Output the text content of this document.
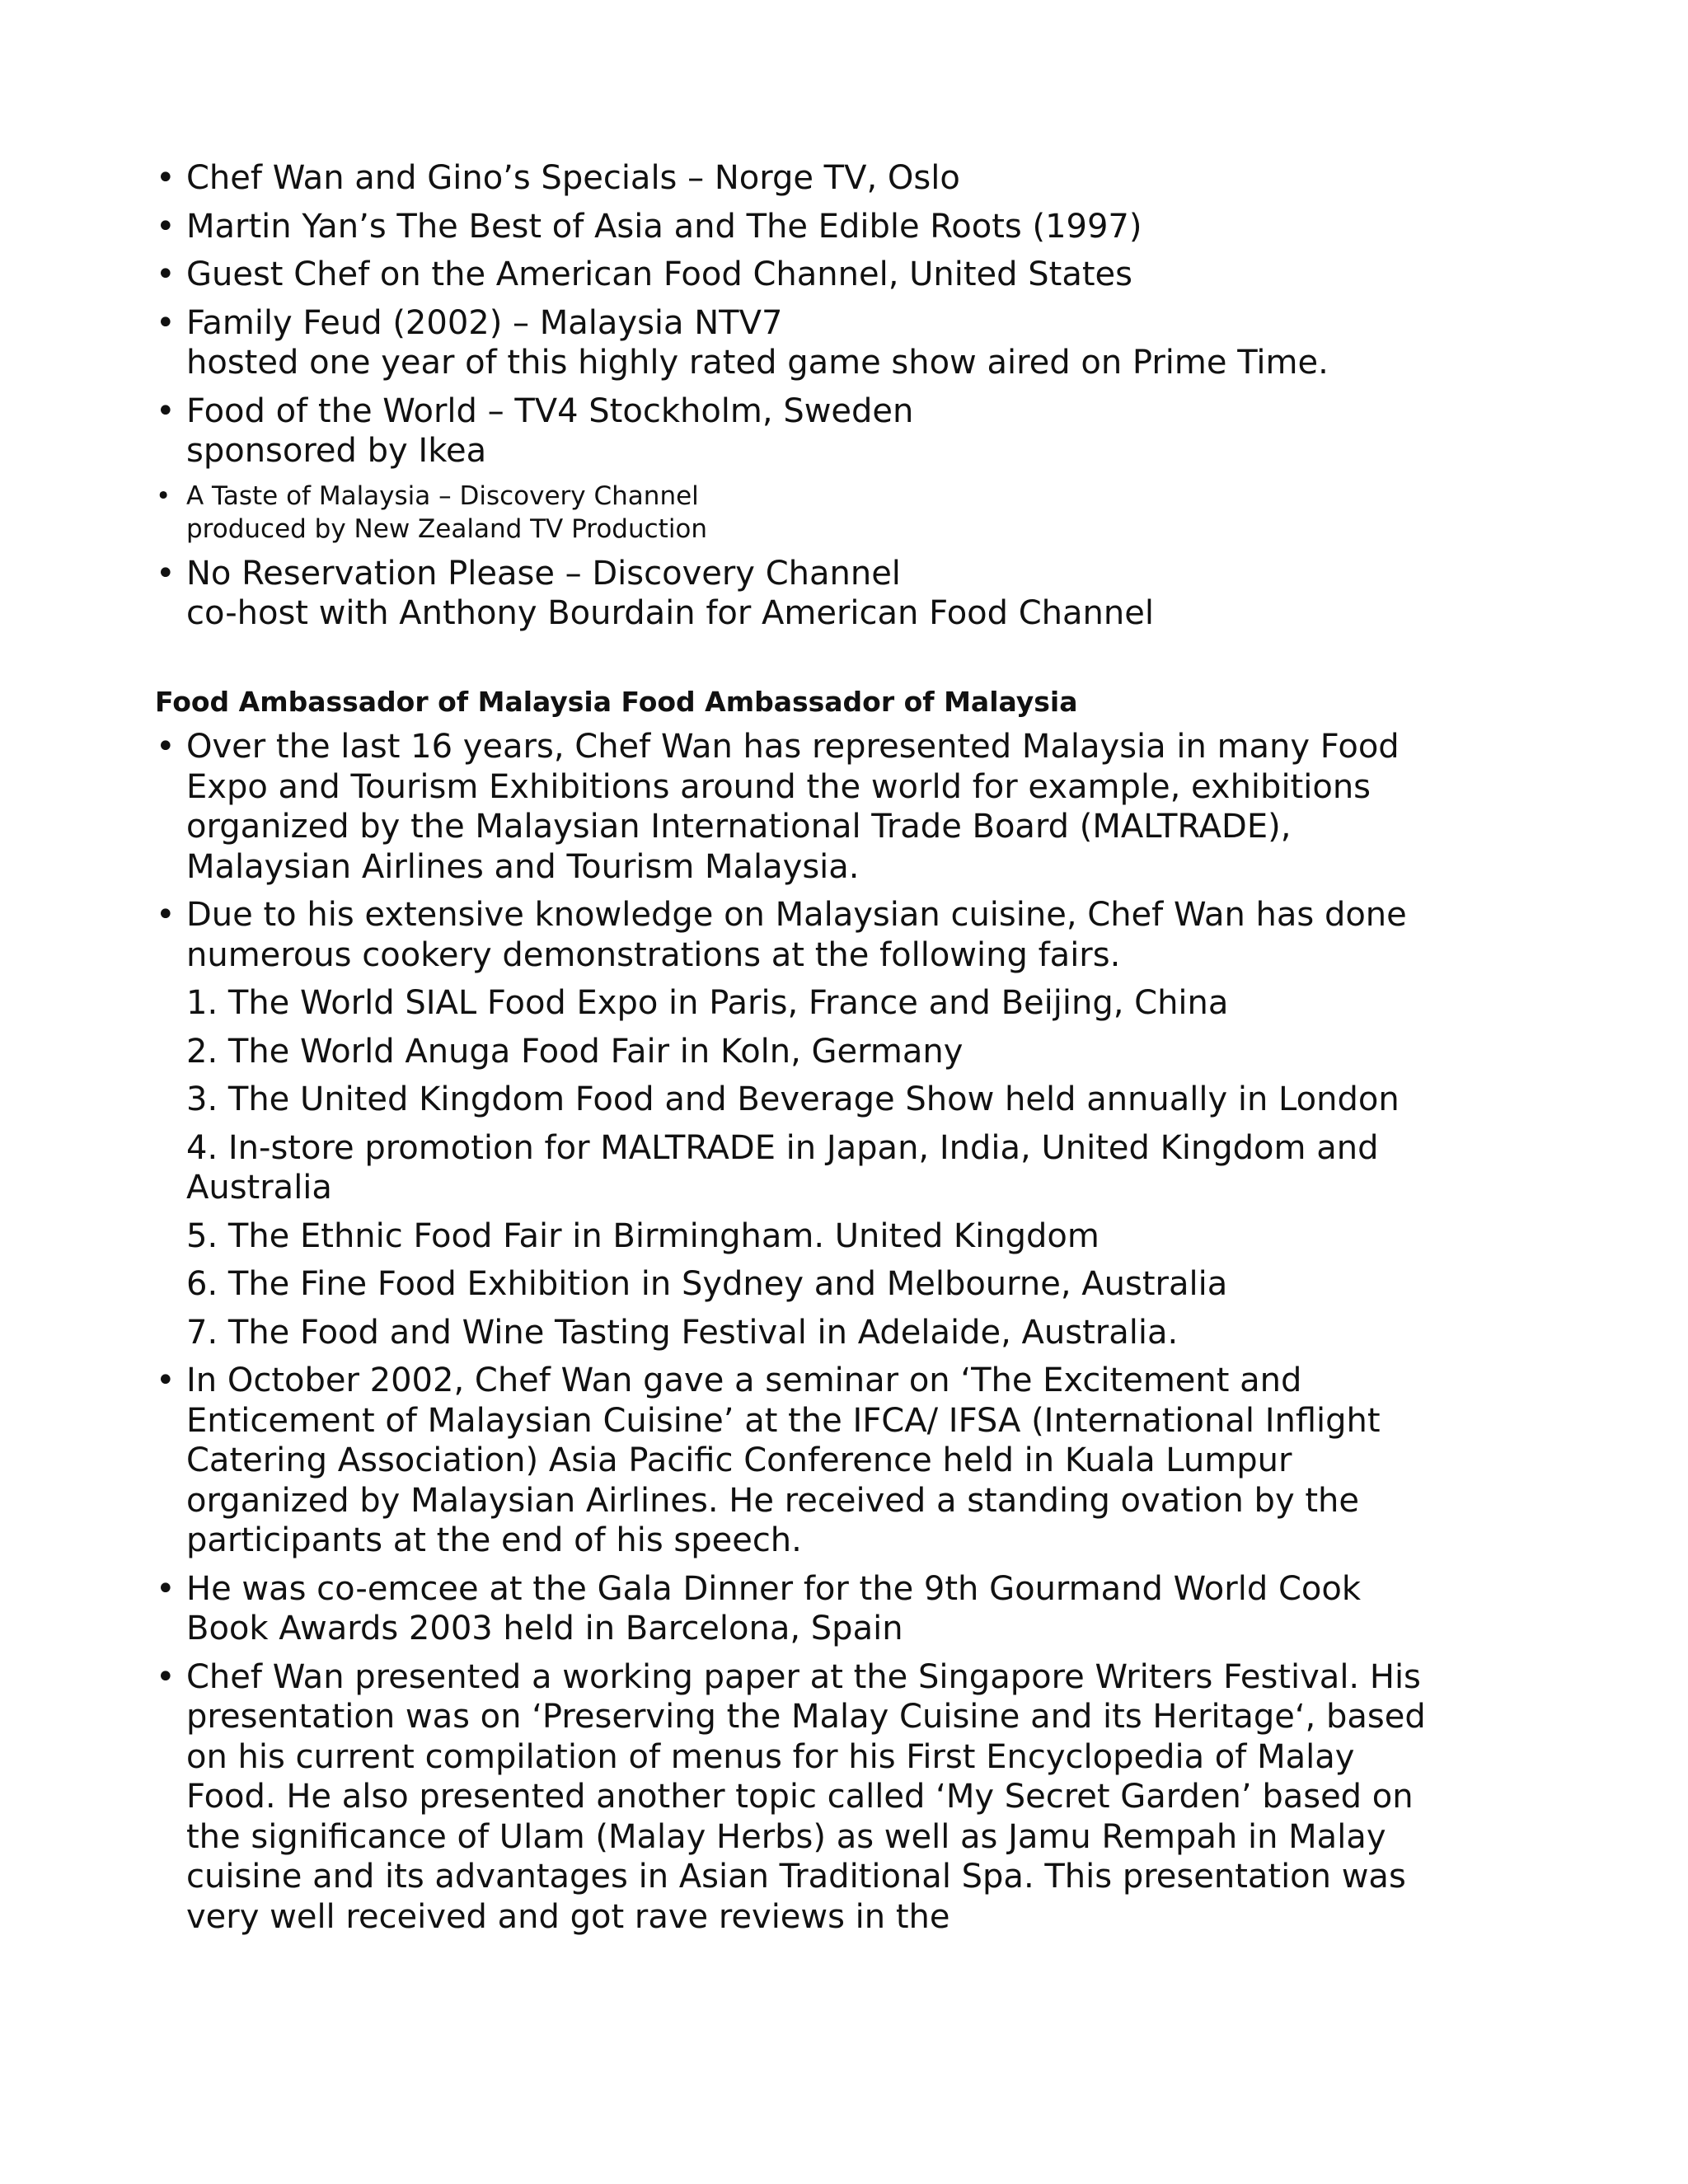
• Chef Wan and Gino’s Specials – Norge TV, Oslo
• Martin Yan’s The Best of Asia and The Edible Roots (1997)
• Guest Chef on the American Food Channel, United States
• Family Feud (2002) – Malaysia NTV7
hosted one year of this highly rated game show aired on Prime Time.
• Food of the World – TV4 Stockholm, Sweden
sponsored by Ikea
• A Taste of Malaysia – Discovery Channel
produced by New Zealand TV Production
• No Reservation Please – Discovery Channel
co-host with Anthony Bourdain for American Food Channel
Food Ambassador of Malaysia Food Ambassador of Malaysia
• Over the last 16 years, Chef Wan has represented Malaysia in many Food Expo and Tourism Exhibitions around the world for example, exhibitions organized by the Malaysian International Trade Board (MALTRADE), Malaysian Airlines and Tourism Malaysia.
• Due to his extensive knowledge on Malaysian cuisine, Chef Wan has done numerous cookery demonstrations at the following fairs.
1. The World SIAL Food Expo in Paris, France and Beijing, China
2. The World Anuga Food Fair in Koln, Germany
3. The United Kingdom Food and Beverage Show held annually in London
4. In-store promotion for MALTRADE in Japan, India, United Kingdom and Australia
5. The Ethnic Food Fair in Birmingham. United Kingdom
6. The Fine Food Exhibition in Sydney and Melbourne, Australia
7. The Food and Wine Tasting Festival in Adelaide, Australia.
• In October 2002, Chef Wan gave a seminar on ‘The Excitement and Enticement of Malaysian Cuisine’ at the IFCA/ IFSA (International Inflight Catering Association) Asia Pacific Conference held in Kuala Lumpur organized by Malaysian Airlines. He received a standing ovation by the participants at the end of his speech.
• He was co-emcee at the Gala Dinner for the 9th Gourmand World Cook Book Awards 2003 held in Barcelona, Spain
• Chef Wan presented a working paper at the Singapore Writers Festival. His presentation was on ‘Preserving the Malay Cuisine and its Heritage‘, based on his current compilation of menus for his First Encyclopedia of Malay Food. He also presented another topic called ‘My Secret Garden’ based on the significance of Ulam (Malay Herbs) as well as Jamu Rempah in Malay cuisine and its advantages in Asian Traditional Spa. This presentation was very well received and got rave reviews in the
